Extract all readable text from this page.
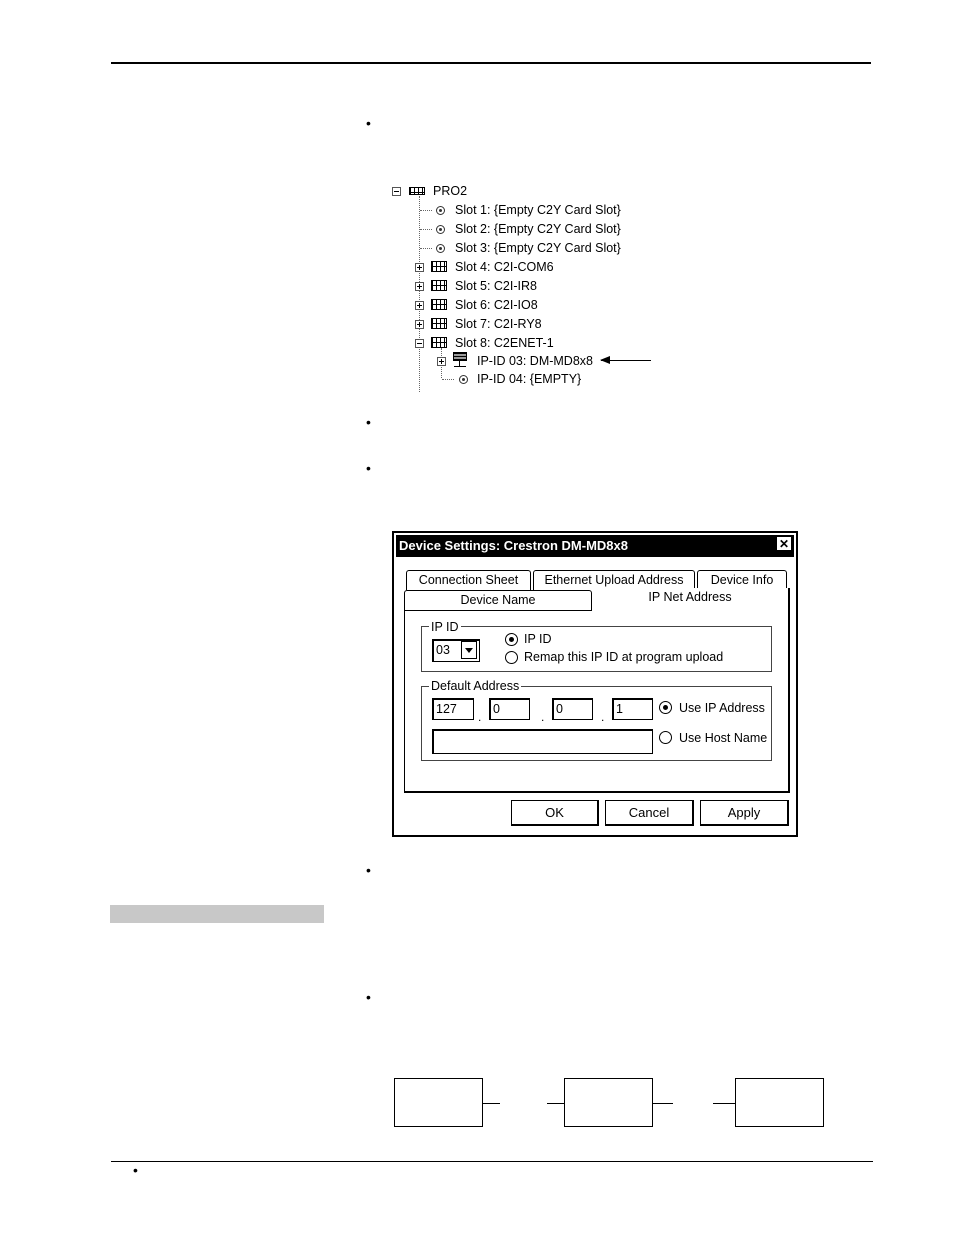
•
•
•
•
•
•
PRO2
Slot 1: {Empty C2Y Card Slot}
Slot 2: {Empty C2Y Card Slot}
Slot 3: {Empty C2Y Card Slot}
Slot 4: C2I-COM6
Slot 5: C2I-IR8
Slot 6: C2I-IO8
Slot 7: C2I-RY8
Slot 8: C2ENET-1
IP-ID 03: DM-MD8x8
IP-ID 04: {EMPTY}
Device Settings: Crestron DM-MD8x8	✕
Connection Sheet	Ethernet Upload Address	Device Info
Device Name	IP Net Address
IP ID
03
IP ID
Remap this IP ID at program upload
Default Address
127
.
0
.
0
.
1	Use IP Address
Use Host Name
OK	Cancel	Apply
